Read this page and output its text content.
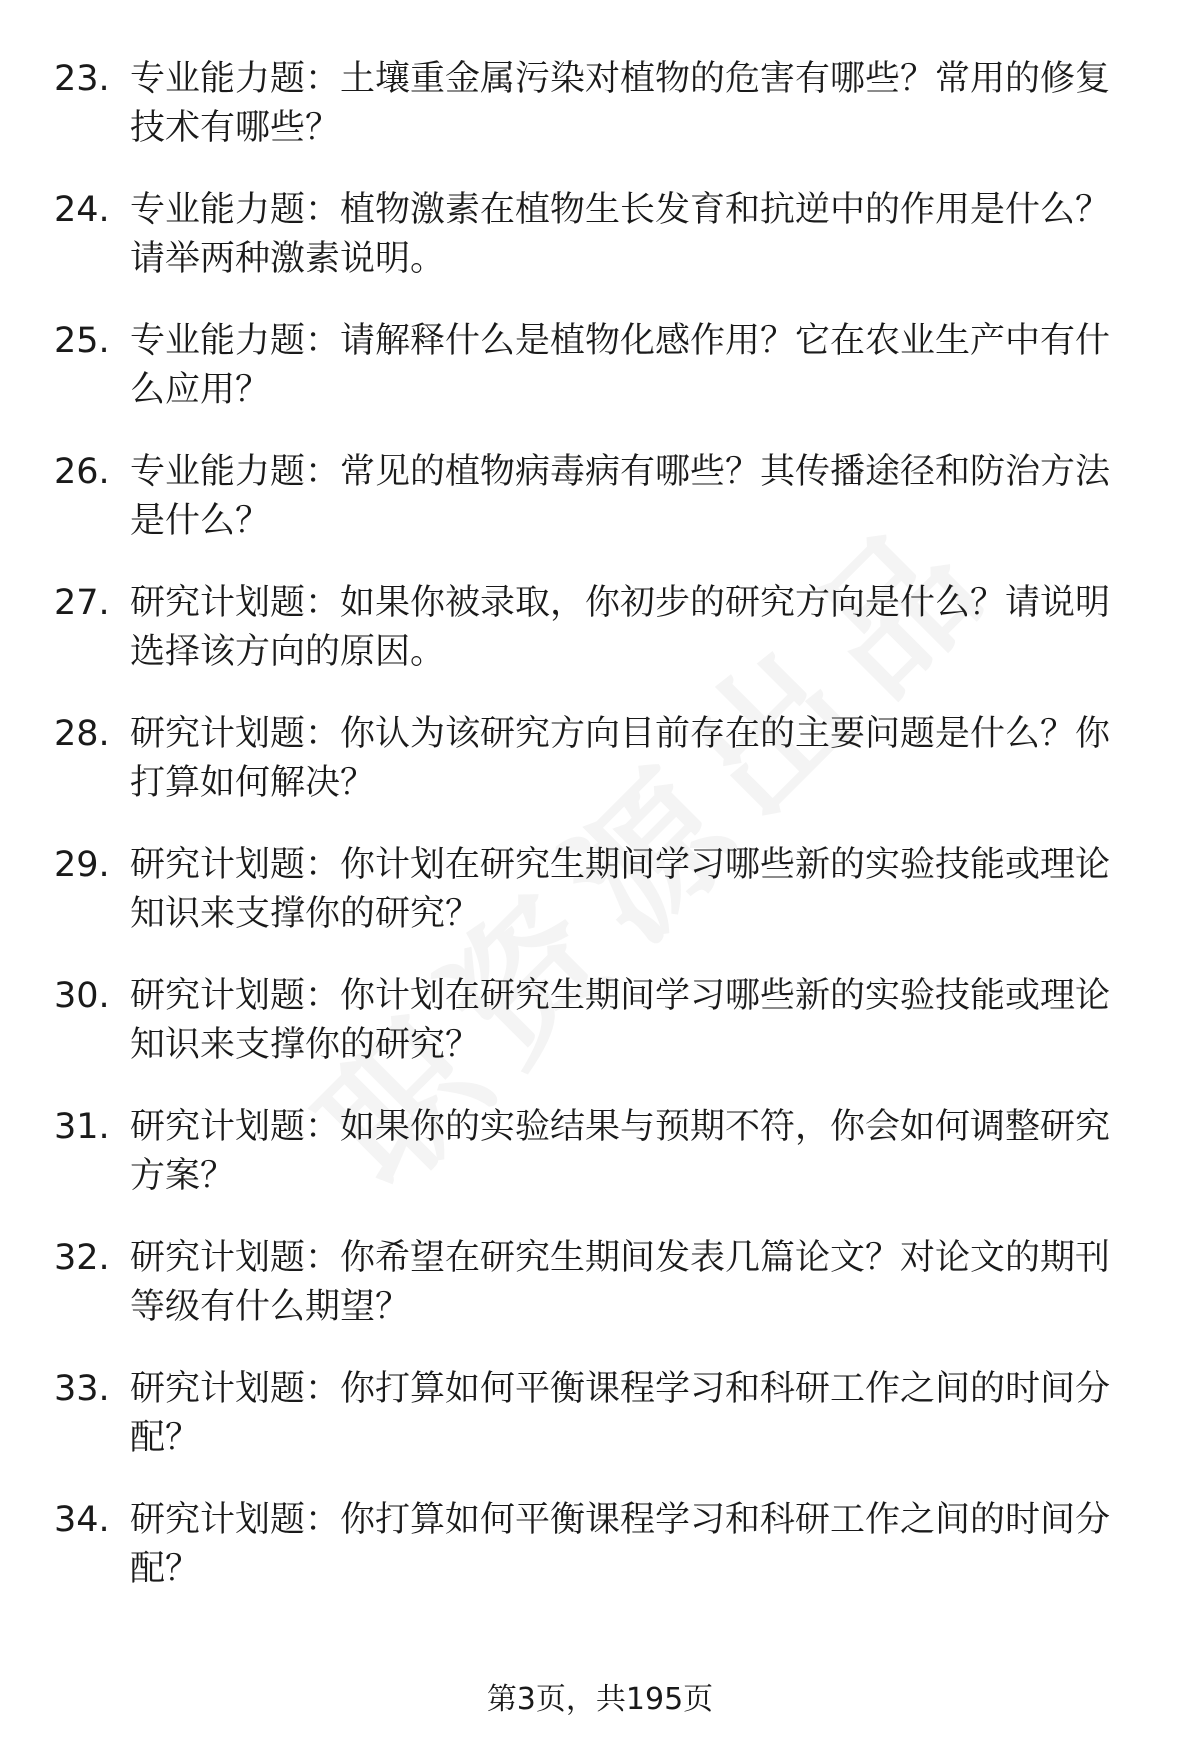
23. 专业能力题：土壤重金属污染对植物的危害有哪些？常用的修复技术有哪些？
24. 专业能力题：植物激素在植物生长发育和抗逆中的作用是什么？请举两种激素说明。
25. 专业能力题：请解释什么是植物化感作用？它在农业生产中有什么应用？
26. 专业能力题：常见的植物病毒病有哪些？其传播途径和防治方法是什么？
27. 研究计划题：如果你被录取，你初步的研究方向是什么？请说明选择该方向的原因。
28. 研究计划题：你认为该研究方向目前存在的主要问题是什么？你打算如何解决？
29. 研究计划题：你计划在研究生期间学习哪些新的实验技能或理论知识来支撑你的研究？
30. 研究计划题：你计划在研究生期间学习哪些新的实验技能或理论知识来支撑你的研究？
31. 研究计划题：如果你的实验结果与预期不符，你会如何调整研究方案？
32. 研究计划题：你希望在研究生期间发表几篇论文？对论文的期刊等级有什么期望？
33. 研究计划题：你打算如何平衡课程学习和科研工作之间的时间分配？
34. 研究计划题：你打算如何平衡课程学习和科研工作之间的时间分配？
第3页，共195页
